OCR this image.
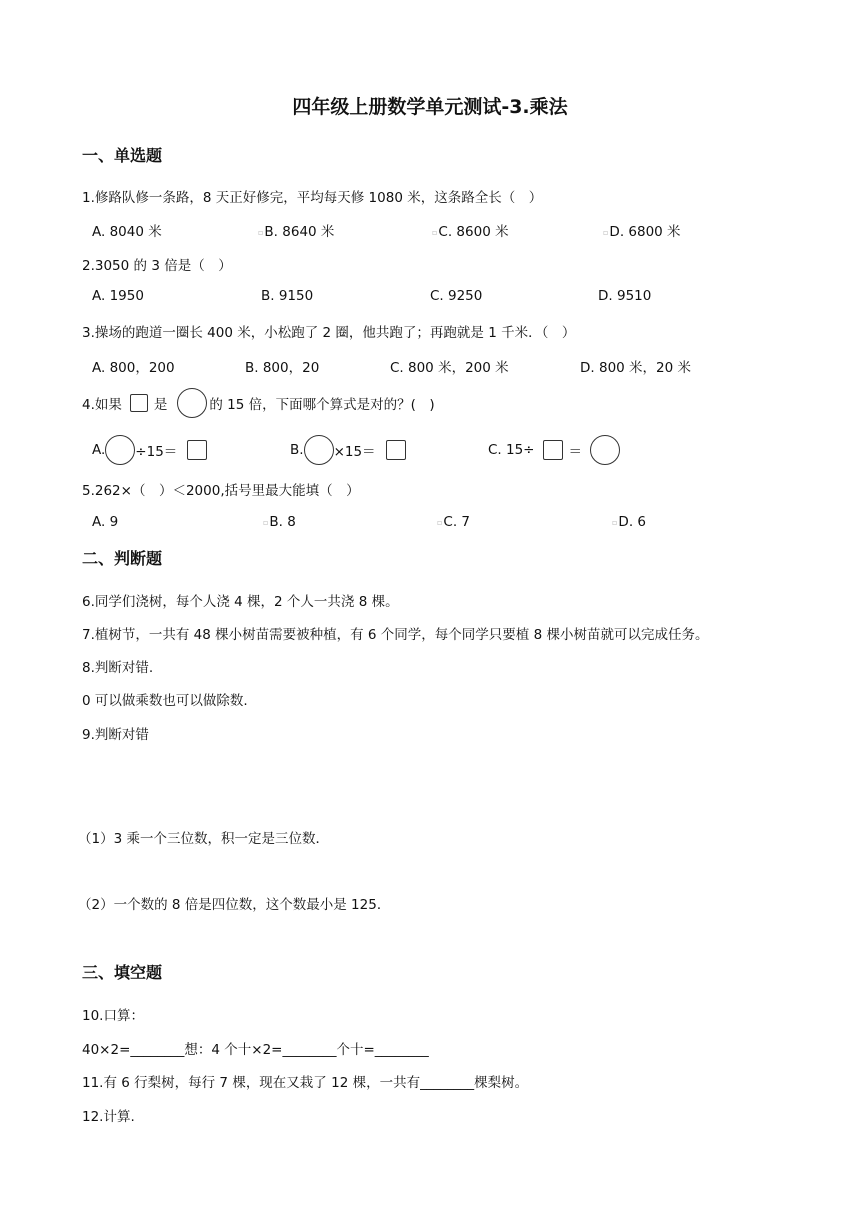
四年级上册数学单元测试-3.乘法
一、单选题
1.修路队修一条路，8 天正好修完，平均每天修 1080 米，这条路全长（　）
A. 8040 米	▫B. 8640 米	▫C. 8600 米	▫D. 6800 米
2.3050 的 3 倍是（　）
A. 1950	B. 9150	C. 9250	D. 9510
3.操场的跑道一圈长 400 米，小松跑了 2 圈，他共跑了；再跑就是 1 千米．（　）
A. 800，200	B. 800，20	C. 800 米，200 米	D. 800 米，20 米
4.如果 是	的 15 倍，下面哪个算式是对的？(　)
A. ÷15＝	B. ×15＝	C. 15÷	＝
5.262×（　）＜2000,括号里最大能填（　）
A. 9	▫B. 8	▫C. 7	▫D. 6
二、判断题
6.同学们浇树，每个人浇 4 棵，2 个人一共浇 8 棵。
7.植树节，一共有 48 棵小树苗需要被种植，有 6 个同学，每个同学只要植 8 棵小树苗就可以完成任务。
8.判断对错.
0 可以做乘数也可以做除数.
9.判断对错
（1）3 乘一个三位数，积一定是三位数．
（2）一个数的 8 倍是四位数，这个数最小是 125．
三、填空题
10.口算：
40×2=________想：4 个十×2=________个十=________
11.有 6 行梨树，每行 7 棵，现在又栽了 12 棵，一共有________棵梨树。
12.计算.
